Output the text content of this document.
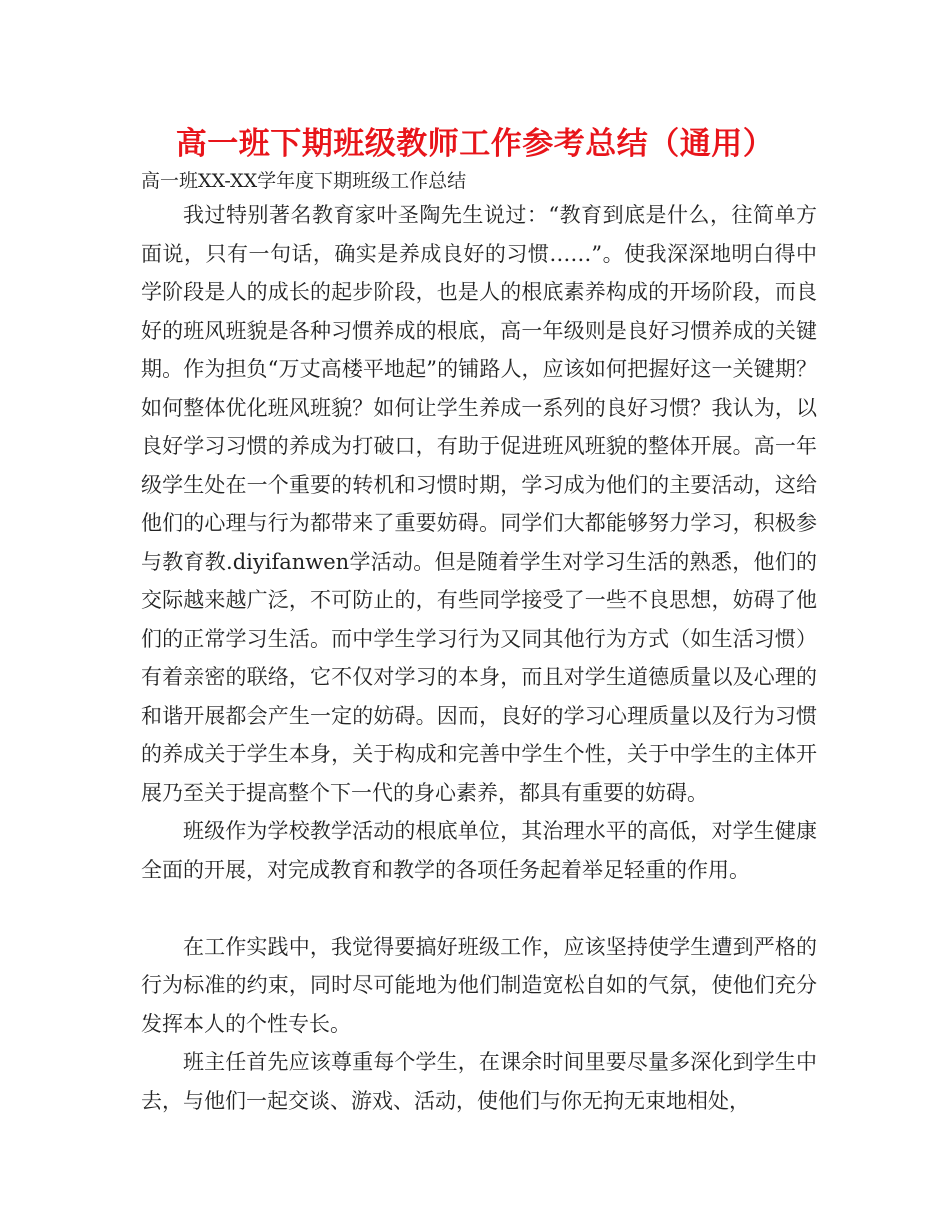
高一班下期班级教师工作参考总结（通用）

高一班XX-XX学年度下期班级工作总结

我过特别著名教育家叶圣陶先生说过：“教育到底是什么，往简单方面说，只有一句话，确实是养成良好的习惯……”。使我深深地明白得中学阶段是人的成长的起步阶段，也是人的根底素养构成的开场阶段，而良好的班风班貌是各种习惯养成的根底，高一年级则是良好习惯养成的关键期。作为担负“万丈高楼平地起”的铺路人，应该如何把握好这一关键期？如何整体优化班风班貌？如何让学生养成一系列的良好习惯？我认为，以良好学习习惯的养成为打破口，有助于促进班风班貌的整体开展。高一年级学生处在一个重要的转机和习惯时期，学习成为他们的主要活动，这给他们的心理与行为都带来了重要妨碍。同学们大都能够努力学习，积极参与教育教.diyifanwen学活动。但是随着学生对学习生活的熟悉，他们的交际越来越广泛，不可防止的，有些同学接受了一些不良思想，妨碍了他们的正常学习生活。而中学生学习行为又同其他行为方式（如生活习惯）有着亲密的联络，它不仅对学习的本身，而且对学生道德质量以及心理的和谐开展都会产生一定的妨碍。因而，良好的学习心理质量以及行为习惯的养成关于学生本身，关于构成和完善中学生个性，关于中学生的主体开展乃至关于提高整个下一代的身心素养，都具有重要的妨碍。

班级作为学校教学活动的根底单位，其治理水平的高低，对学生健康全面的开展，对完成教育和教学的各项任务起着举足轻重的作用。

在工作实践中，我觉得要搞好班级工作，应该坚持使学生遭到严格的行为标准的约束，同时尽可能地为他们制造宽松自如的气氛，使他们充分发挥本人的个性专长。

班主任首先应该尊重每个学生，在课余时间里要尽量多深化到学生中去，与他们一起交谈、游戏、活动，使他们与你无拘无束地相处，
